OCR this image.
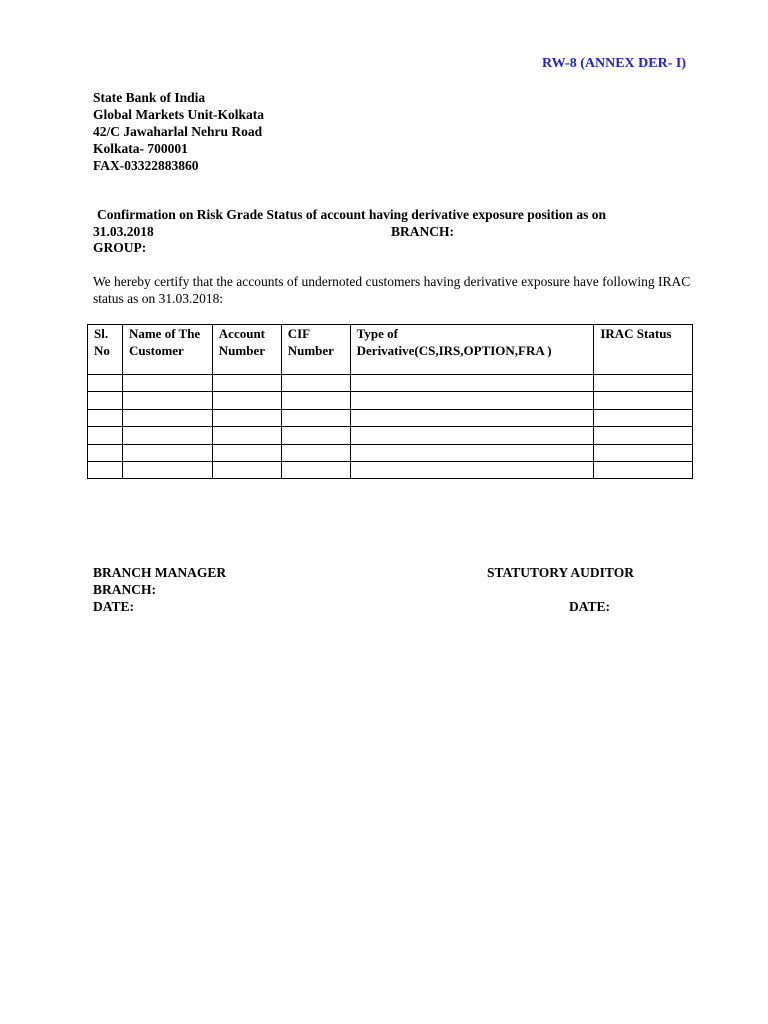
RW-8 (ANNEX DER- I)
State Bank of India
Global Markets Unit-Kolkata
42/C Jawaharlal Nehru Road
Kolkata- 700001
FAX-03322883860
Confirmation on Risk Grade Status of account having derivative exposure position as on
31.03.2018	BRANCH:
GROUP:
We hereby certify that the accounts of undernoted customers having derivative exposure have following IRAC status as on 31.03.2018:
Sl. No	Name of The Customer	Account Number	CIF Number	Type of Derivative(CS,IRS,OPTION,FRA )	IRAC Status

BRANCH MANAGER
BRANCH:
DATE:
STATUTORY AUDITOR
DATE:
